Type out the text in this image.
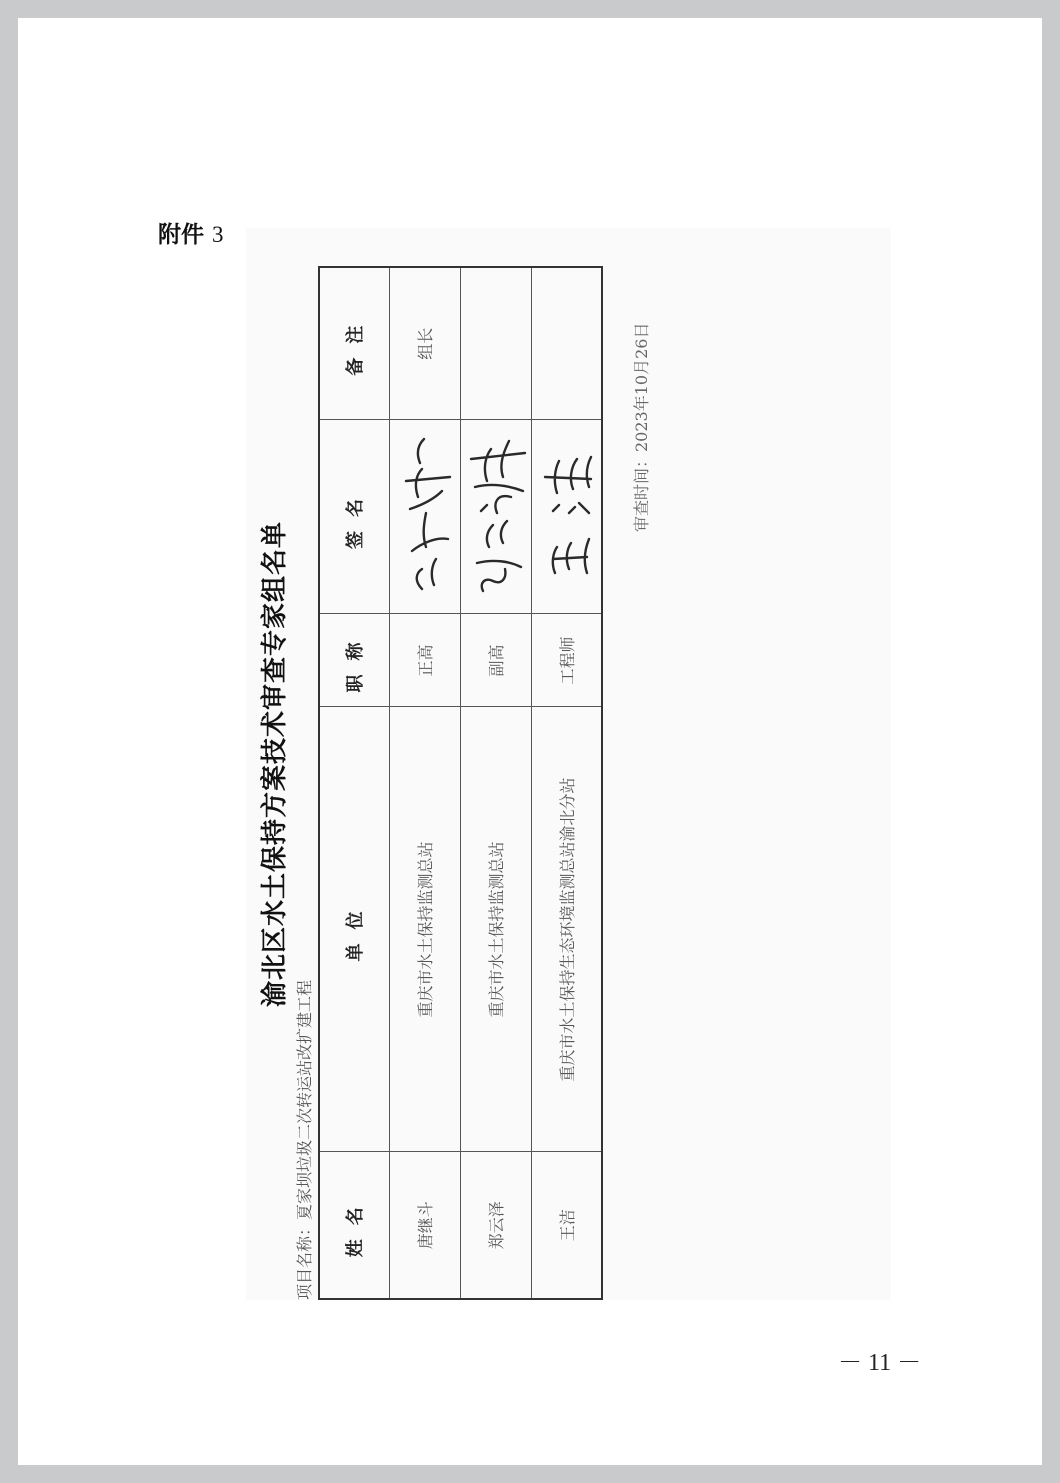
附件 3
渝北区水土保持方案技术审查专家组名单
项目名称：夏家坝垃圾二次转运站改扩建工程 姓名	单位	职称	签名	备注
唐继斗	重庆市水土保持监测总站	正高		组长
郑云泽	重庆市水土保持监测总站	副高	

王洁	重庆市水土保持生态环境监测总站渝北分站	工程师	

审查时间：2023年10月26日
－ 11 －
